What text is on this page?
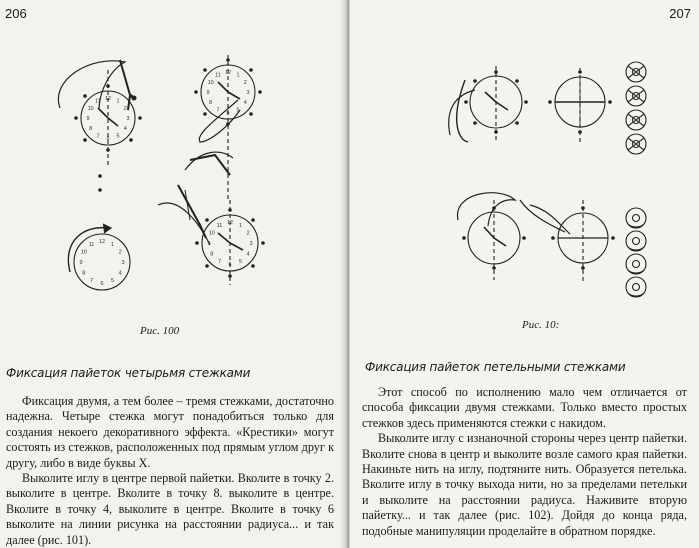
206
12 1
2
3
4
5
6
7
8
9
10
11
12 1
2
3
4
5
6
7
8
9
10
11
12 1
2
3
4
5
6
7
8
9
10
11
12 1
2
3
4
5
6
7
8
9
10
11
Рис. 100
Фиксация пайеток четырьмя стежками

Фиксация двумя, а тем более – тремя стежками, достаточно надежна. Четыре стежка могут понадобиться только для создания некоего декоративного эффекта. «Крестики» могут состоять из стежков, расположенных под прямым углом друг к другу, либо в виде буквы X.

Выколите иглу в центре первой пайетки. Вколите в точку 2. выколите в центре. Вколите в точку 8. выколите в центре. Вколите в точку 4, выколите в центре. Вколите в точку 6 выколите на линии рисунка на расстоянии радиуса... и так далее (рис. 101).

207
Рис. 10:
Фиксация пайеток петельными стежками

Этот способ по исполнению мало чем отличается от способа фиксации двумя стежками. Только вместо простых стежков здесь применяются стежки с накидом.

Выколите иглу с изнаночной стороны через центр пайетки. Вколите снова в центр и выколите возле самого края пайетки. Накиньте нить на иглу, подтяните нить. Образуется петелька. Вколите иглу в точку выхода нити, но за пределами петельки и выколите на расстоянии радиуса. Наживите вторую пайетку... и так далее (рис. 102). Дойдя до конца ряда, подобные манипуляции проделайте в обратном порядке.
